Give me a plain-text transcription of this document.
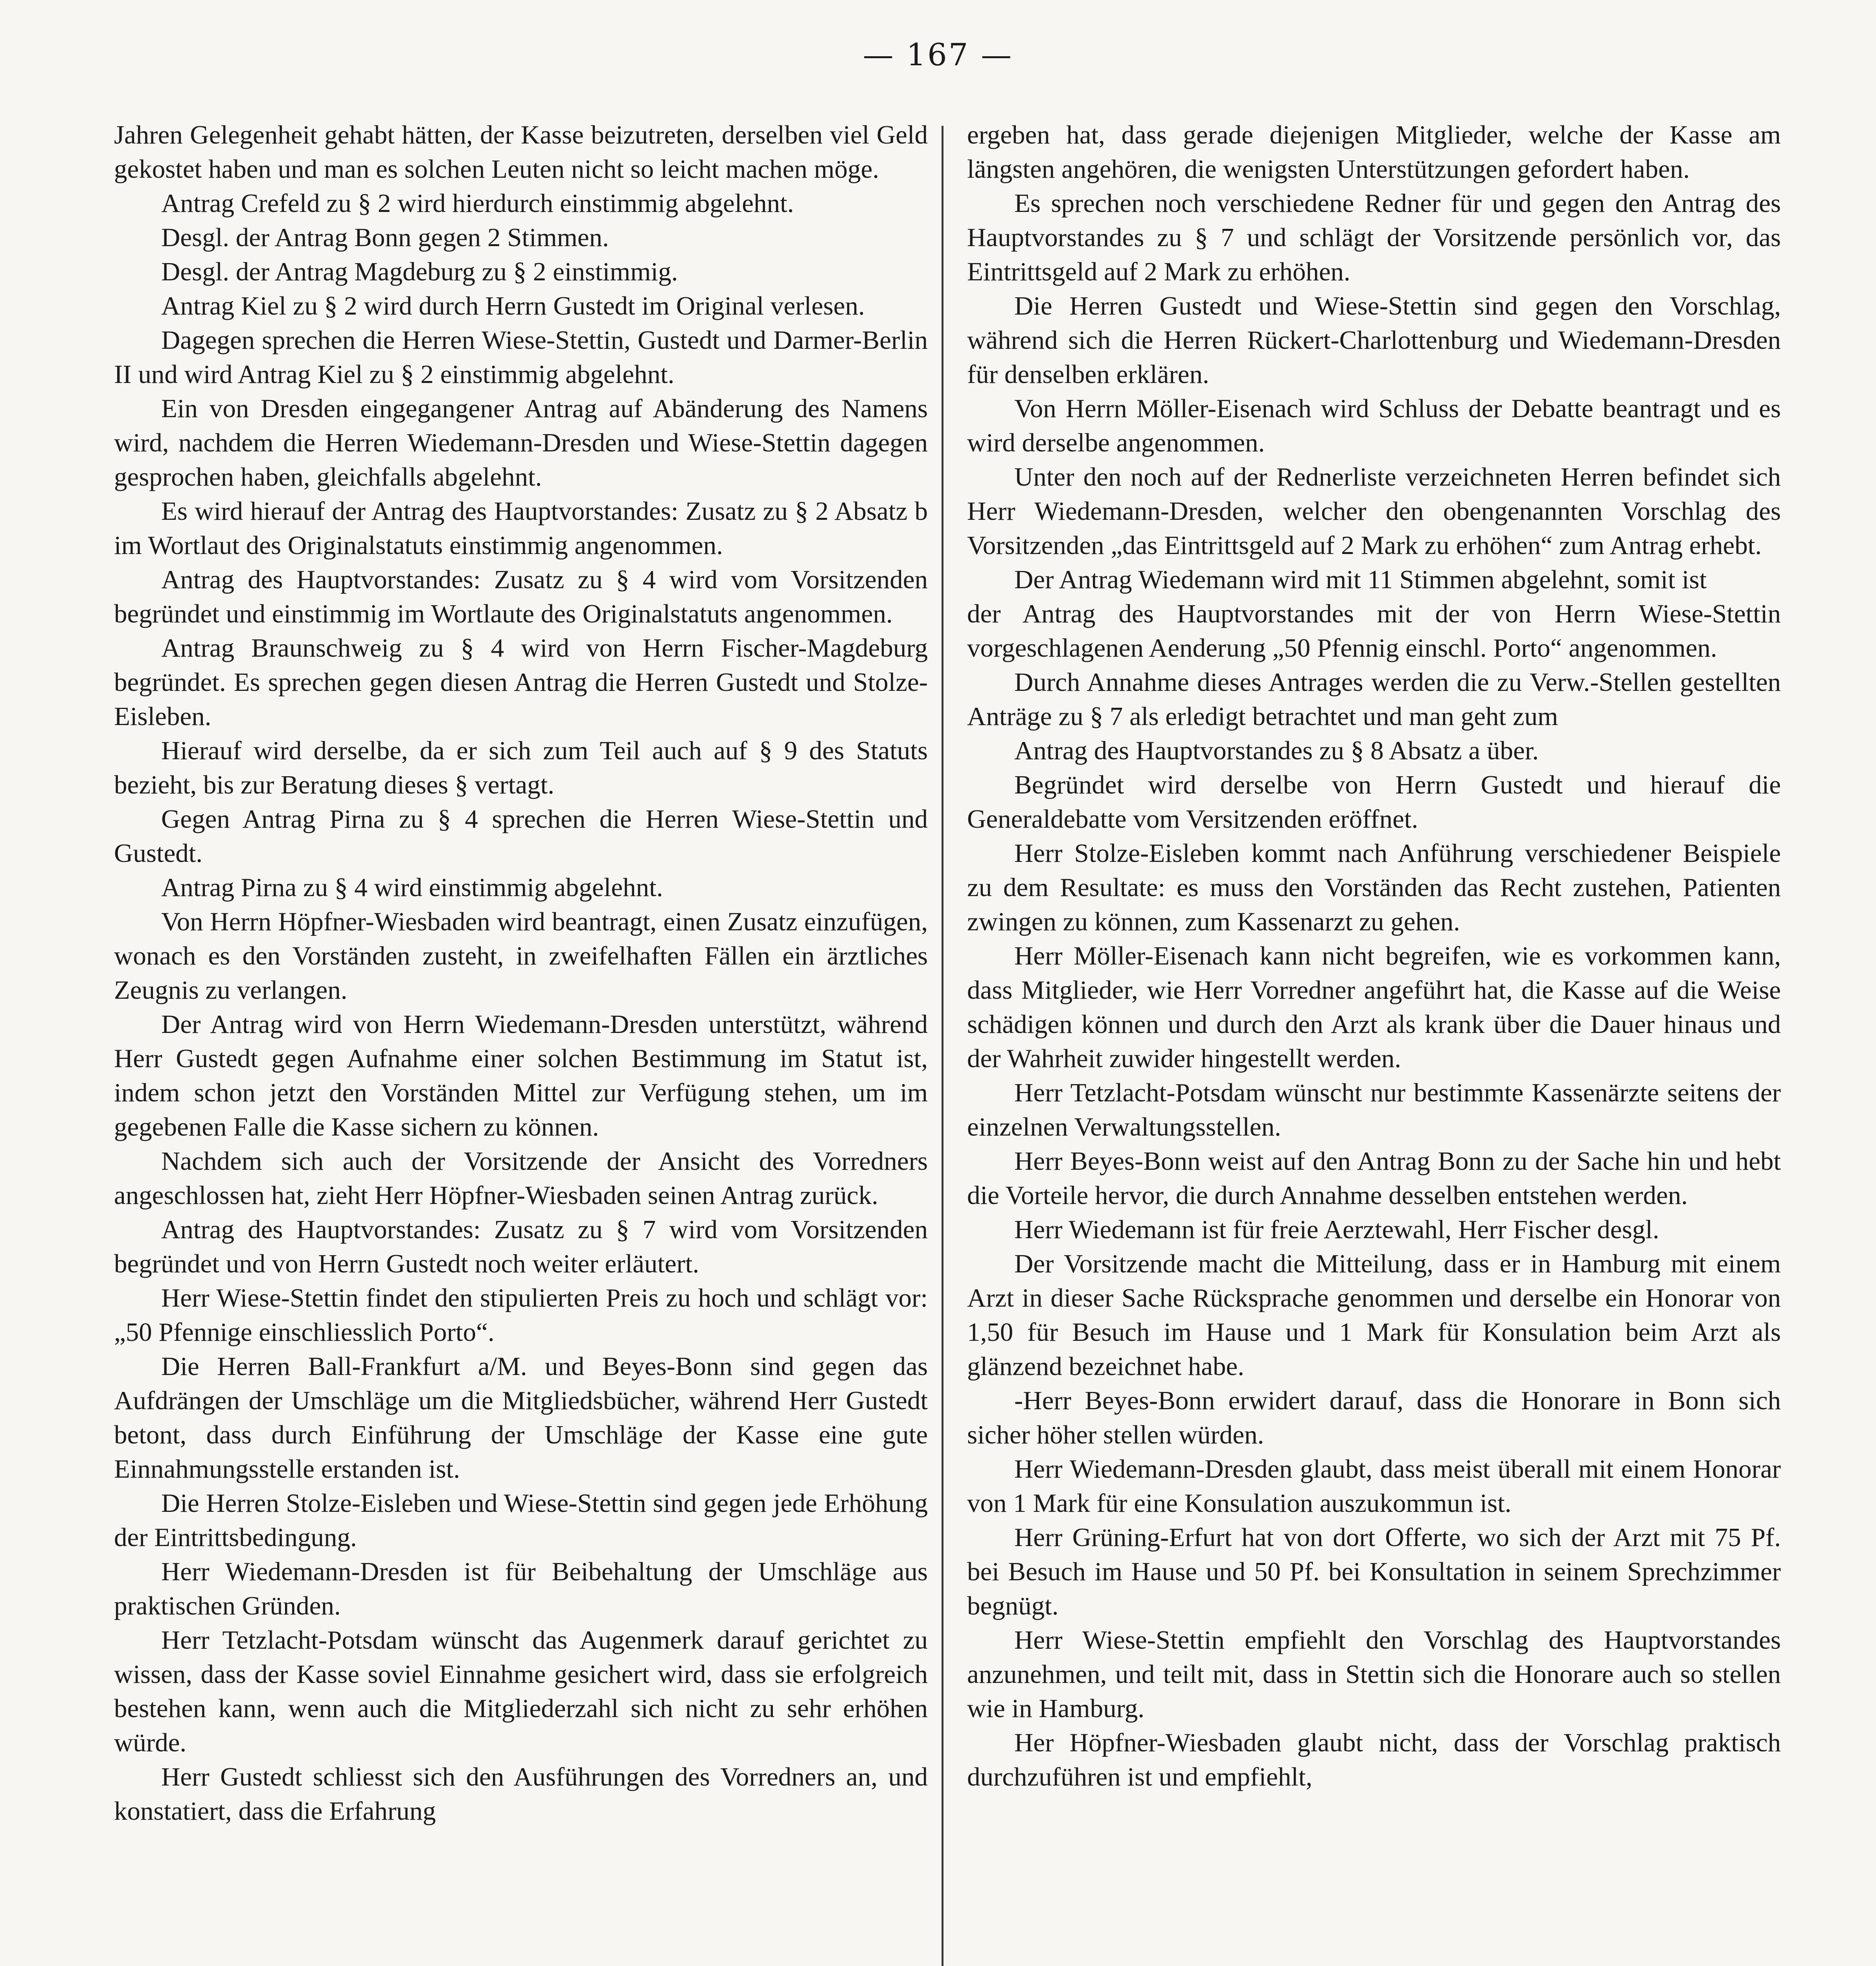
— 167 —

Jahren Gelegenheit gehabt hätten, der Kasse beizutreten, derselben viel Geld gekostet haben und man es solchen Leuten nicht so leicht machen möge.

Antrag Crefeld zu § 2 wird hierdurch einstimmig abgelehnt.

Desgl. der Antrag Bonn gegen 2 Stimmen.

Desgl. der Antrag Magdeburg zu § 2 einstimmig.

Antrag Kiel zu § 2 wird durch Herrn Gustedt im Original verlesen.

Dagegen sprechen die Herren Wiese-Stettin, Gustedt und Darmer-Berlin II und wird Antrag Kiel zu § 2 einstimmig abgelehnt.

Ein von Dresden eingegangener Antrag auf Abänderung des Namens wird, nachdem die Herren Wiedemann-Dresden und Wiese-Stettin dagegen gesprochen haben, gleichfalls abgelehnt.

Es wird hierauf der Antrag des Hauptvorstandes: Zusatz zu § 2 Absatz b im Wortlaut des Originalstatuts einstimmig angenommen.

Antrag des Hauptvorstandes: Zusatz zu § 4 wird vom Vorsitzenden begründet und einstimmig im Wortlaute des Originalstatuts angenommen.

Antrag Braunschweig zu § 4 wird von Herrn Fischer-Magdeburg begründet. Es sprechen gegen diesen Antrag die Herren Gustedt und Stolze-Eisleben.

Hierauf wird derselbe, da er sich zum Teil auch auf § 9 des Statuts bezieht, bis zur Beratung dieses § vertagt.

Gegen Antrag Pirna zu § 4 sprechen die Herren Wiese-Stettin und Gustedt.

Antrag Pirna zu § 4 wird einstimmig abgelehnt.

Von Herrn Höpfner-Wiesbaden wird beantragt, einen Zusatz einzufügen, wonach es den Vorständen zusteht, in zweifelhaften Fällen ein ärztliches Zeugnis zu verlangen.

Der Antrag wird von Herrn Wiedemann-Dresden unterstützt, während Herr Gustedt gegen Aufnahme einer solchen Bestimmung im Statut ist, indem schon jetzt den Vorständen Mittel zur Verfügung stehen, um im gegebenen Falle die Kasse sichern zu können.

Nachdem sich auch der Vorsitzende der Ansicht des Vorredners angeschlossen hat, zieht Herr Höpfner-Wiesbaden seinen Antrag zurück.

Antrag des Hauptvorstandes: Zusatz zu § 7 wird vom Vorsitzenden begründet und von Herrn Gustedt noch weiter erläutert.

Herr Wiese-Stettin findet den stipulierten Preis zu hoch und schlägt vor: „50 Pfennige einschliesslich Porto“.

Die Herren Ball-Frankfurt a/M. und Beyes-Bonn sind gegen das Aufdrängen der Umschläge um die Mitgliedsbücher, während Herr Gustedt betont, dass durch Einführung der Umschläge der Kasse eine gute Einnahmungsstelle erstanden ist.

Die Herren Stolze-Eisleben und Wiese-Stettin sind gegen jede Erhöhung der Eintrittsbedingung.

Herr Wiedemann-Dresden ist für Beibehaltung der Umschläge aus praktischen Gründen.

Herr Tetzlacht-Potsdam wünscht das Augenmerk darauf gerichtet zu wissen, dass der Kasse soviel Einnahme gesichert wird, dass sie erfolgreich bestehen kann, wenn auch die Mitgliederzahl sich nicht zu sehr erhöhen würde.

Herr Gustedt schliesst sich den Ausführungen des Vorredners an, und konstatiert, dass die Erfahrung

ergeben hat, dass gerade diejenigen Mitglieder, welche der Kasse am längsten angehören, die wenigsten Unterstützungen gefordert haben.

Es sprechen noch verschiedene Redner für und gegen den Antrag des Hauptvorstandes zu § 7 und schlägt der Vorsitzende persönlich vor, das Eintrittsgeld auf 2 Mark zu erhöhen.

Die Herren Gustedt und Wiese-Stettin sind gegen den Vorschlag, während sich die Herren Rückert-Charlottenburg und Wiedemann-Dresden für denselben erklären.

Von Herrn Möller-Eisenach wird Schluss der Debatte beantragt und es wird derselbe angenommen.

Unter den noch auf der Rednerliste verzeichneten Herren befindet sich Herr Wiedemann-Dresden, welcher den obengenannten Vorschlag des Vorsitzenden „das Eintrittsgeld auf 2 Mark zu erhöhen“ zum Antrag erhebt.

Der Antrag Wiedemann wird mit 11 Stimmen abgelehnt, somit ist

der Antrag des Hauptvorstandes mit der von Herrn Wiese-Stettin vorgeschlagenen Aenderung „50 Pfennig einschl. Porto“ angenommen.

Durch Annahme dieses Antrages werden die zu Verw.-Stellen gestellten Anträge zu § 7 als erledigt betrachtet und man geht zum

Antrag des Hauptvorstandes zu § 8 Absatz a über.

Begründet wird derselbe von Herrn Gustedt und hierauf die Generaldebatte vom Versitzenden eröffnet.

Herr Stolze-Eisleben kommt nach Anführung verschiedener Beispiele zu dem Resultate: es muss den Vorständen das Recht zustehen, Patienten zwingen zu können, zum Kassenarzt zu gehen.

Herr Möller-Eisenach kann nicht begreifen, wie es vorkommen kann, dass Mitglieder, wie Herr Vorredner angeführt hat, die Kasse auf die Weise schädigen können und durch den Arzt als krank über die Dauer hinaus und der Wahrheit zuwider hingestellt werden.

Herr Tetzlacht-Potsdam wünscht nur bestimmte Kassenärzte seitens der einzelnen Verwaltungsstellen.

Herr Beyes-Bonn weist auf den Antrag Bonn zu der Sache hin und hebt die Vorteile hervor, die durch Annahme desselben entstehen werden.

Herr Wiedemann ist für freie Aerztewahl, Herr Fischer desgl.

Der Vorsitzende macht die Mitteilung, dass er in Hamburg mit einem Arzt in dieser Sache Rücksprache genommen und derselbe ein Honorar von 1,50 für Besuch im Hause und 1 Mark für Konsulation beim Arzt als glänzend bezeichnet habe.

-Herr Beyes-Bonn erwidert darauf, dass die Honorare in Bonn sich sicher höher stellen würden.

Herr Wiedemann-Dresden glaubt, dass meist überall mit einem Honorar von 1 Mark für eine Konsulation auszukommun ist.

Herr Grüning-Erfurt hat von dort Offerte, wo sich der Arzt mit 75 Pf. bei Besuch im Hause und 50 Pf. bei Konsultation in seinem Sprechzimmer begnügt.

Herr Wiese-Stettin empfiehlt den Vorschlag des Hauptvorstandes anzunehmen, und teilt mit, dass in Stettin sich die Honorare auch so stellen wie in Hamburg.

Her Höpfner-Wiesbaden glaubt nicht, dass der Vorschlag praktisch durchzuführen ist und empfiehlt,
